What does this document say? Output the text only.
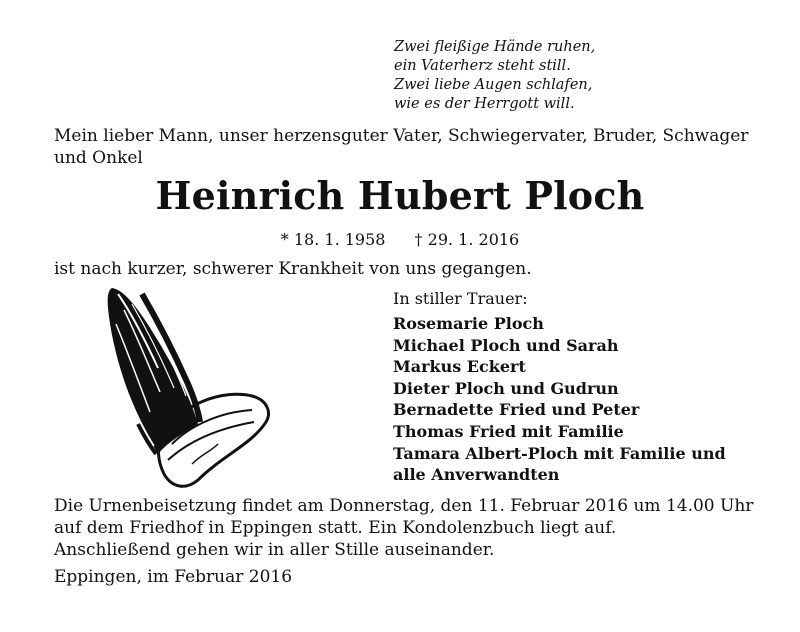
Zwei fleißige Hände ruhen,
ein Vaterherz steht still.
Zwei liebe Augen schlafen,
wie es der Herrgott will.
Mein lieber Mann, unser herzensguter Vater, Schwiegervater, Bruder, Schwager und Onkel
Heinrich Hubert Ploch
* 18. 1. 1958 † 29. 1. 2016
ist nach kurzer, schwerer Krankheit von uns gegangen.
In stiller Trauer:
Rosemarie Ploch
Michael Ploch und Sarah
Markus Eckert
Dieter Ploch und Gudrun
Bernadette Fried und Peter
Thomas Fried mit Familie
Tamara Albert-Ploch mit Familie und
alle Anverwandten
Die Urnenbeisetzung findet am Donnerstag, den 11. Februar 2016 um 14.00 Uhr
auf dem Friedhof in Eppingen statt. Ein Kondolenzbuch liegt auf.
Anschließend gehen wir in aller Stille auseinander.
Eppingen, im Februar 2016
